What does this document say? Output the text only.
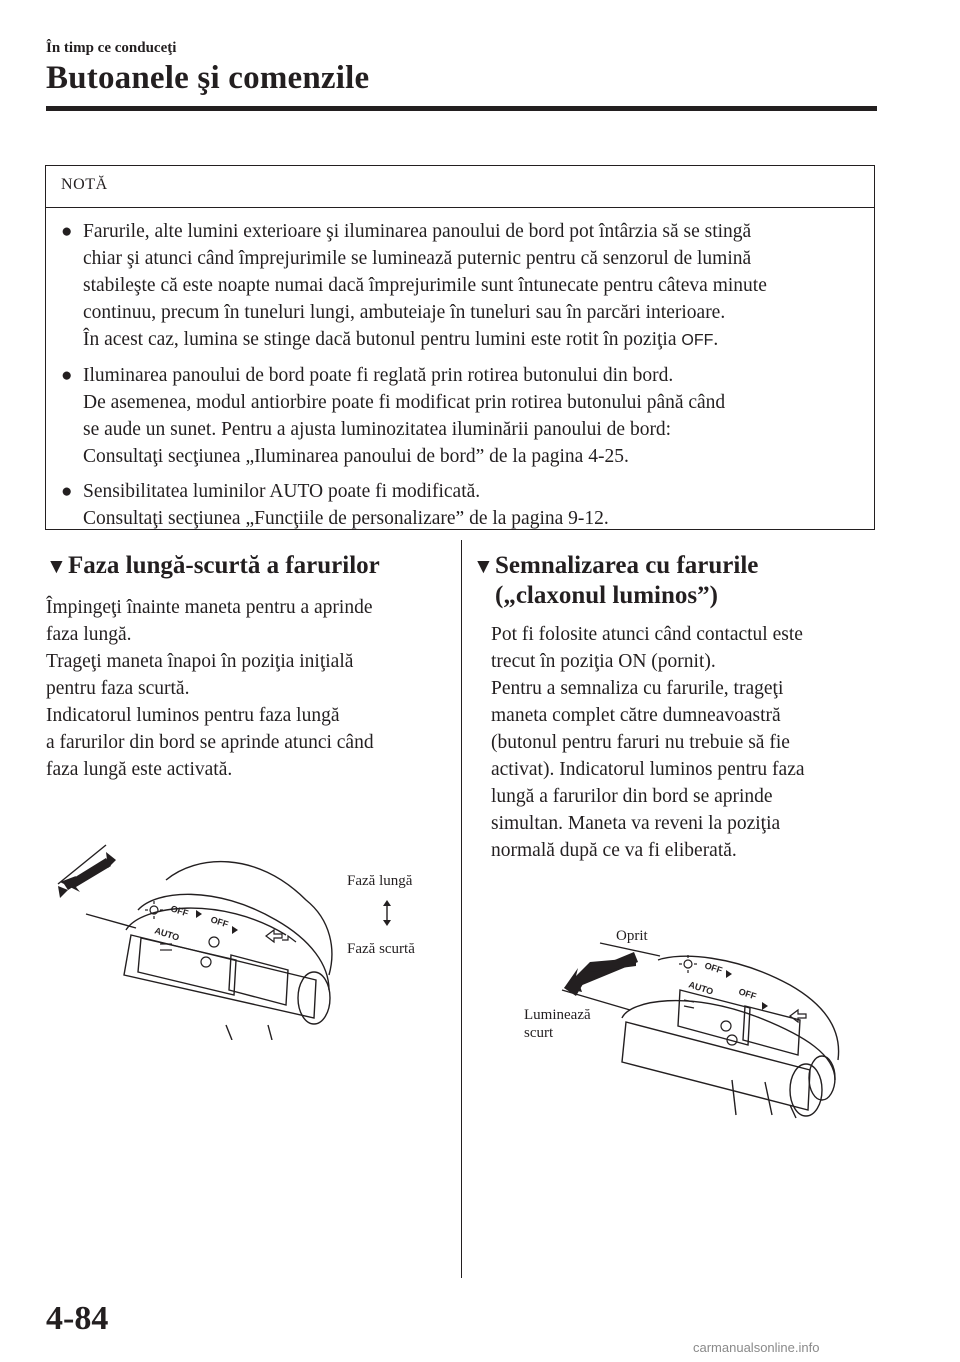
În timp ce conduceţi
Butoanele şi comenzile
NOTĂ
● Farurile, alte lumini exterioare şi iluminarea panoului de bord pot întârzia să se stingă
chiar şi atunci când împrejurimile se luminează puternic pentru că senzorul de lumină
stabileşte că este noapte numai dacă împrejurimile sunt întunecate pentru câteva minute
continuu, precum în tuneluri lungi, ambuteiaje în tuneluri sau în parcări interioare.
În acest caz, lumina se stinge dacă butonul pentru lumini este rotit în poziţia OFF.
● Iluminarea panoului de bord poate fi reglată prin rotirea butonului din bord.
De asemenea, modul antiorbire poate fi modificat prin rotirea butonului până când
se aude un sunet. Pentru a ajusta luminozitatea iluminării panoului de bord:
Consultaţi secţiunea „Iluminarea panoului de bord” de la pagina 4-25.
● Sensibilitatea luminilor AUTO poate fi modificată.
Consultaţi secţiunea „Funcţiile de personalizare” de la pagina 9-12.
▼Faza lungă-scurtă a farurilor
Împingeţi înainte maneta pentru a aprinde
faza lungă.
Trageţi maneta înapoi în poziţia iniţială
pentru faza scurtă.
Indicatorul luminos pentru faza lungă
a farurilor din bord se aprinde atunci când
faza lungă este activată.
OFF
AUTO
OFF
Fază lungă
Fază scurtă
▼Semnalizarea cu farurile
(„claxonul luminos”)
Pot fi folosite atunci când contactul este
trecut în poziţia ON (pornit).
Pentru a semnaliza cu farurile, trageţi
maneta complet către dumneavoastră
(butonul pentru faruri nu trebuie să fie
activat). Indicatorul luminos pentru faza
lungă a farurilor din bord se aprinde
simultan. Maneta va reveni la poziţia
normală după ce va fi eliberată.
Oprit
Luminează
scurt
OFF
AUTO	OFF
4-84
carmanualsonline.info
